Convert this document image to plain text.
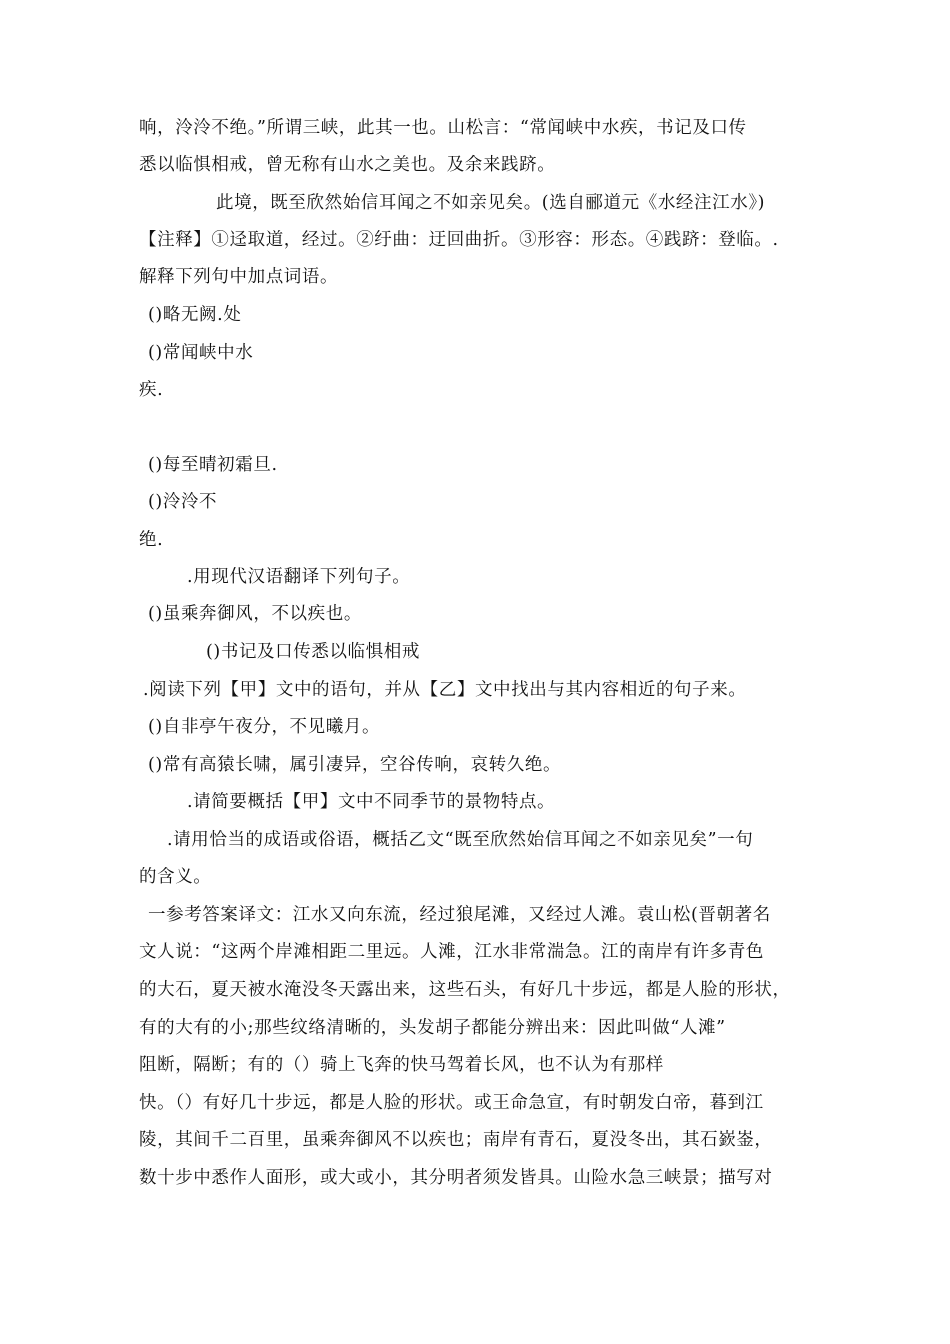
响，泠泠不绝。”所谓三峡，此其一也。山松言：“常闻峡中水疾，书记及口传
悉以临惧相戒，曾无称有山水之美也。及余来践跻。
此境，既至欣然始信耳闻之不如亲见矣。(选自郦道元《水经注江水》)
【注释】①迳取道，经过。②纡曲：迂回曲折。③形容：形态。④践跻：登临。.
解释下列句中加点词语。
()略无阙.处
()常闻峡中水
疾.
()每至晴初霜旦.
()泠泠不
绝.
.用现代汉语翻译下列句子。
()虽乘奔御风，不以疾也。
()书记及口传悉以临惧相戒
.阅读下列【甲】文中的语句，并从【乙】文中找出与其内容相近的句子来。
()自非亭午夜分，不见曦月。
()常有高猿长啸，属引凄异，空谷传响，哀转久绝。
.请简要概括【甲】文中不同季节的景物特点。
.请用恰当的成语或俗语，概括乙文“既至欣然始信耳闻之不如亲见矣”一句
的含义。
一参考答案译文：江水又向东流，经过狼尾滩，又经过人滩。袁山松(晋朝著名
文人说：“这两个岸滩相距二里远。人滩，江水非常湍急。江的南岸有许多青色
的大石，夏天被水淹没冬天露出来，这些石头，有好几十步远，都是人脸的形状，
有的大有的小;那些纹络清晰的，头发胡子都能分辨出来：因此叫做“人滩”
阻断，隔断；有的（）骑上飞奔的快马驾着长风，也不认为有那样
快。（）有好几十步远，都是人脸的形状。或王命急宣，有时朝发白帝，暮到江
陵，其间千二百里，虽乘奔御风不以疾也；南岸有青石，夏没冬出，其石嶔崟，
数十步中悉作人面形，或大或小，其分明者须发皆具。山险水急三峡景；描写对
